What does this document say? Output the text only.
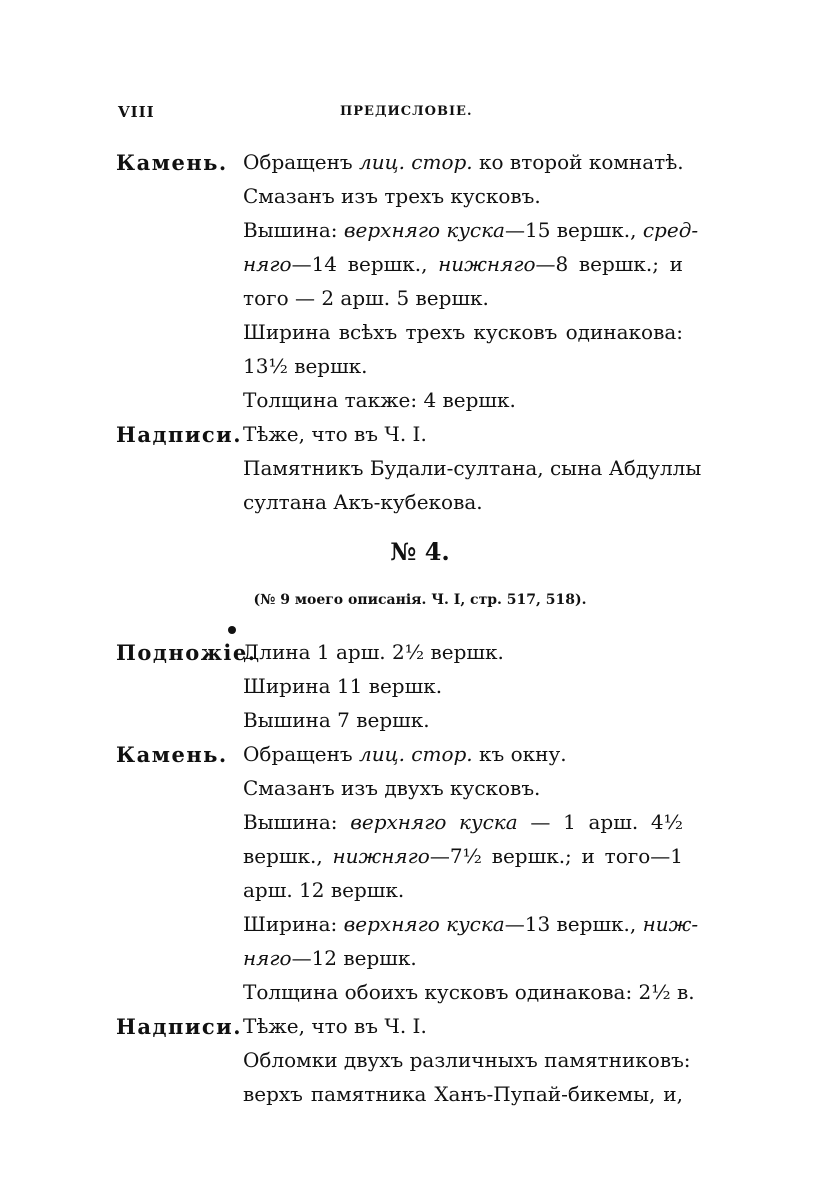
VIII	ПРЕДИСЛОВІЕ.
Камень. Обращенъ лиц. стор. ко второй комнатѣ.
Смазанъ изъ трехъ кусковъ.
Вышина: верхняго куска—15 вершк., сред-
няго—14 вершк., нижняго—8 вершк.; и
того — 2 арш. 5 вершк.
Ширина всѣхъ трехъ кусковъ одинакова:
13½ вершк.
Толщина также: 4 вершк.
Надписи. Тѣже, что въ Ч. I.
Памятникъ Будали-султана, сына Абдуллы
султана Акъ-кубекова.
№ 4.
(№ 9 моего описанія. Ч. I, стр. 517, 518).
Подножіе.
Длина 1 арш. 2½ вершк.
Ширина 11 вершк.
Вышина 7 вершк.
Камень. Обращенъ лиц. стор. къ окну.
Смазанъ изъ двухъ кусковъ.
Вышина: верхняго куска — 1 арш. 4½
вершк., нижняго—7½ вершк.; и того—1
арш. 12 вершк.
Ширина: верхняго куска—13 вершк., ниж-
няго—12 вершк.
Толщина обоихъ кусковъ одинакова: 2½ в.
Надписи. Тѣже, что въ Ч. I.
Обломки двухъ различныхъ памятниковъ:
верхъ памятника Ханъ-Пупай-бикемы, и,
